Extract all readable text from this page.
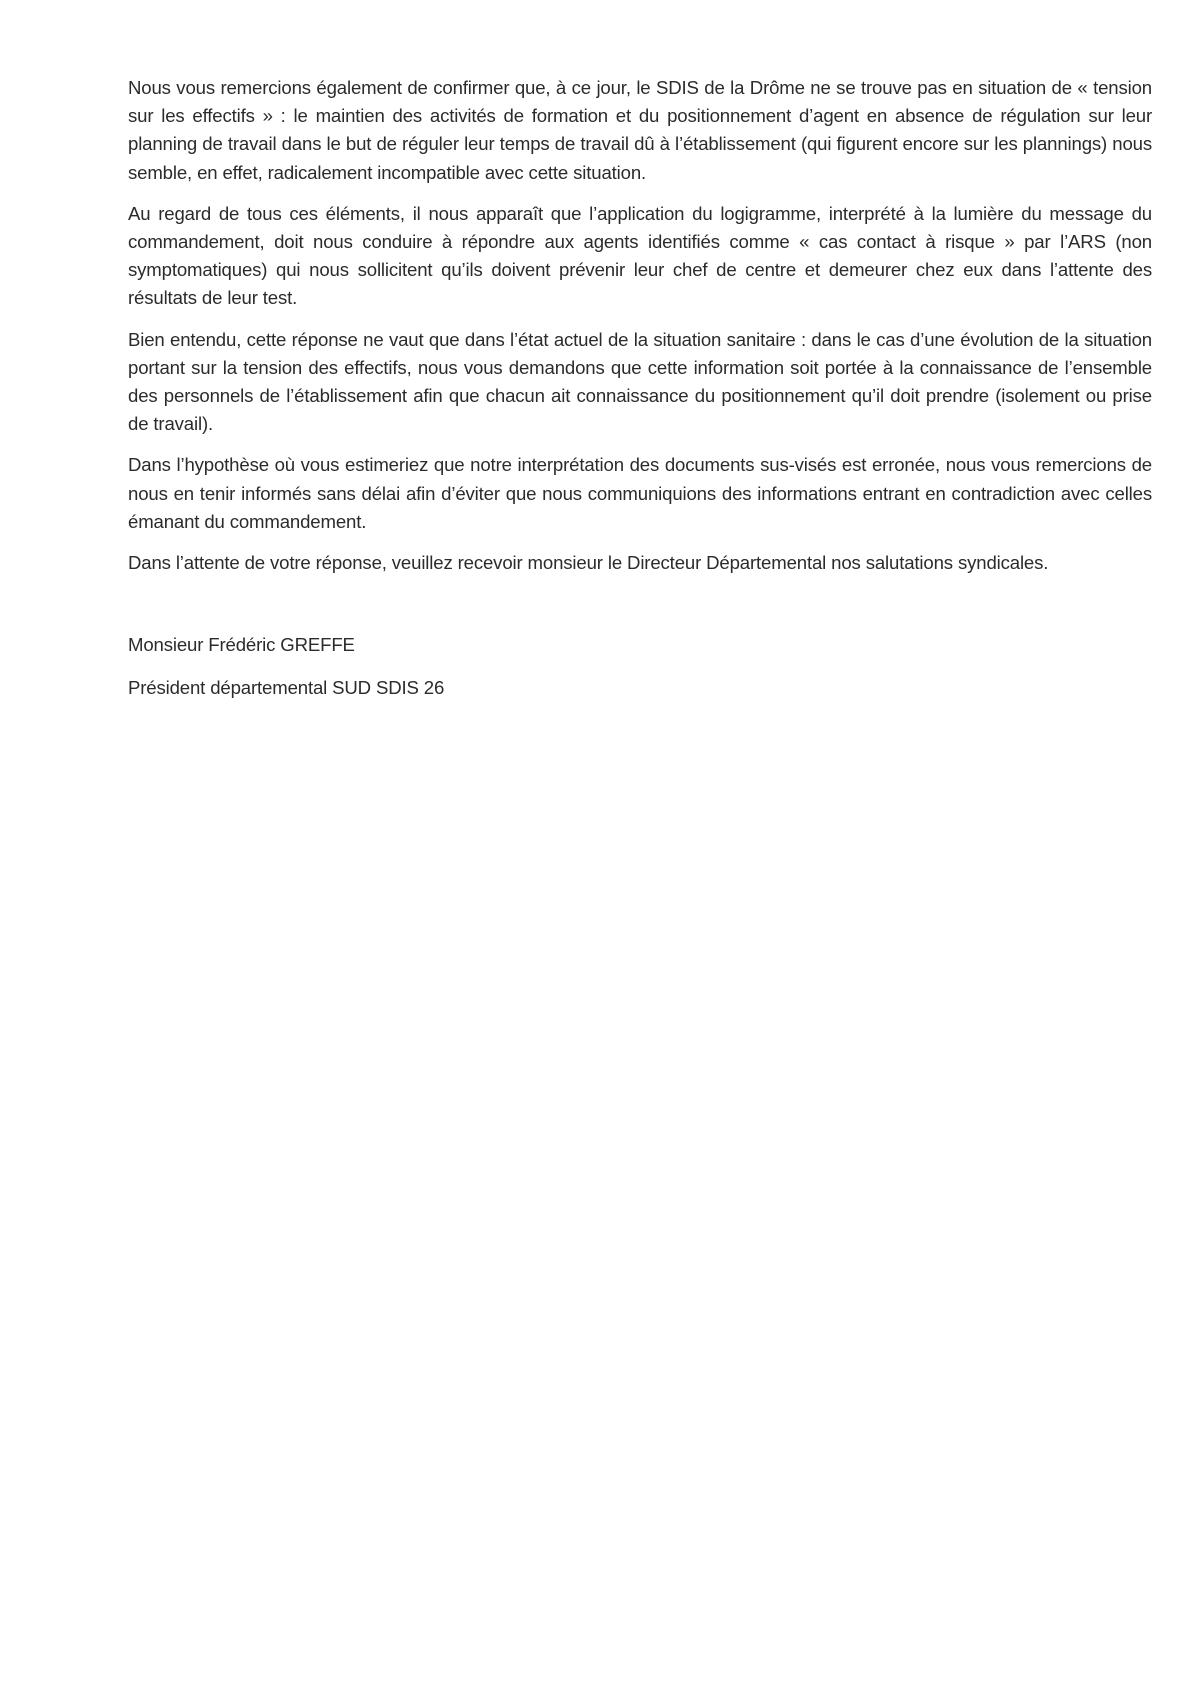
Nous vous remercions également de confirmer que, à ce jour, le SDIS de la Drôme ne se trouve pas en situation de « tension sur les effectifs » : le maintien des activités de formation et du positionnement d’agent en absence de régulation sur leur planning de travail dans le but de réguler leur temps de travail dû à l’établissement (qui figurent encore sur les plannings) nous semble, en effet, radicalement incompatible avec cette situation.

Au regard de tous ces éléments, il nous apparaît que l’application du logigramme, interprété à la lumière du message du commandement, doit nous conduire à répondre aux agents identifiés comme « cas contact à risque » par l’ARS (non symptomatiques) qui nous sollicitent qu’ils doivent prévenir leur chef de centre et demeurer chez eux dans l’attente des résultats de leur test.

Bien entendu, cette réponse ne vaut que dans l’état actuel de la situation sanitaire : dans le cas d’une évolution de la situation portant sur la tension des effectifs, nous vous demandons que cette information soit portée à la connaissance de l’ensemble des personnels de l’établissement afin que chacun ait connaissance du positionnement qu’il doit prendre (isolement ou prise de travail).

Dans l’hypothèse où vous estimeriez que notre interprétation des documents sus-visés est erronée, nous vous remercions de nous en tenir informés sans délai afin d’éviter que nous communiquions des informations entrant en contradiction avec celles émanant du commandement.

Dans l’attente de votre réponse, veuillez recevoir monsieur le Directeur Départemental nos salutations syndicales.

Monsieur Frédéric GREFFE

Président départemental SUD SDIS 26
